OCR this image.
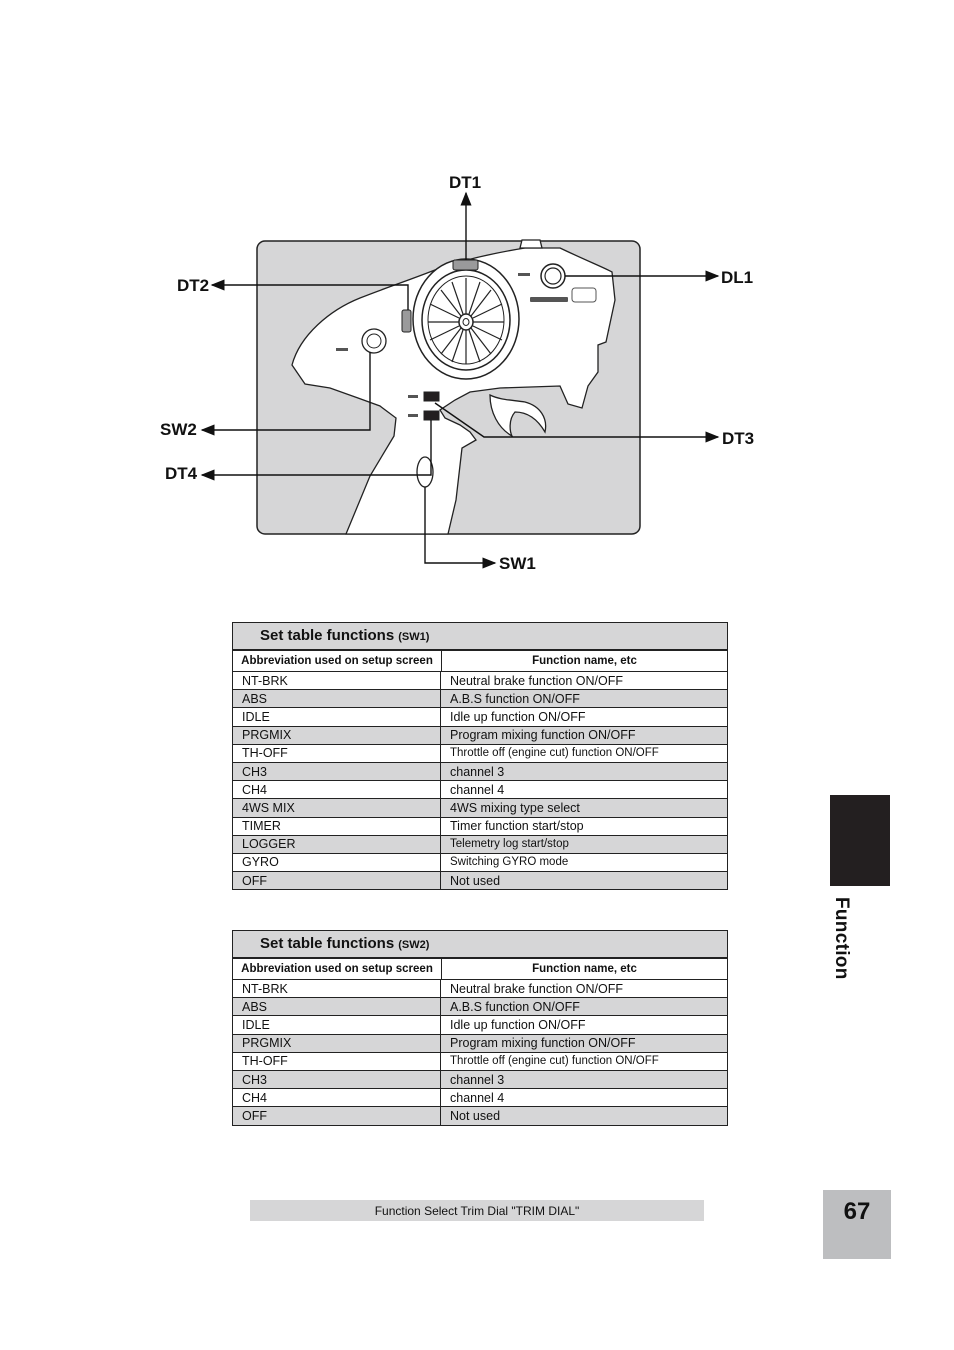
DT1
DT2	DL1
SW2	DT3
DT4
SW1
Set table functions (SW1)
Abbreviation used on setup screen	Function name, etc
NT-BRK	Neutral brake function ON/OFF
ABS	A.B.S function ON/OFF
IDLE	Idle up function ON/OFF
PRGMIX	Program mixing function ON/OFF
TH-OFF	Throttle off (engine cut) function ON/OFF
CH3	channel 3
CH4	channel 4
4WS MIX	4WS mixing type select
TIMER	Timer function start/stop
LOGGER	Telemetry log start/stop
GYRO	Switching GYRO mode
OFF	Not used
Set table functions (SW2)
Abbreviation used on setup screen	Function name, etc
NT-BRK	Neutral brake function ON/OFF
ABS	A.B.S function ON/OFF
IDLE	Idle up function ON/OFF
PRGMIX	Program mixing function ON/OFF
TH-OFF	Throttle off (engine cut) function ON/OFF
CH3	channel 3
CH4	channel 4
OFF	Not used
Function
Function Select Trim Dial "TRIM DIAL"	67
